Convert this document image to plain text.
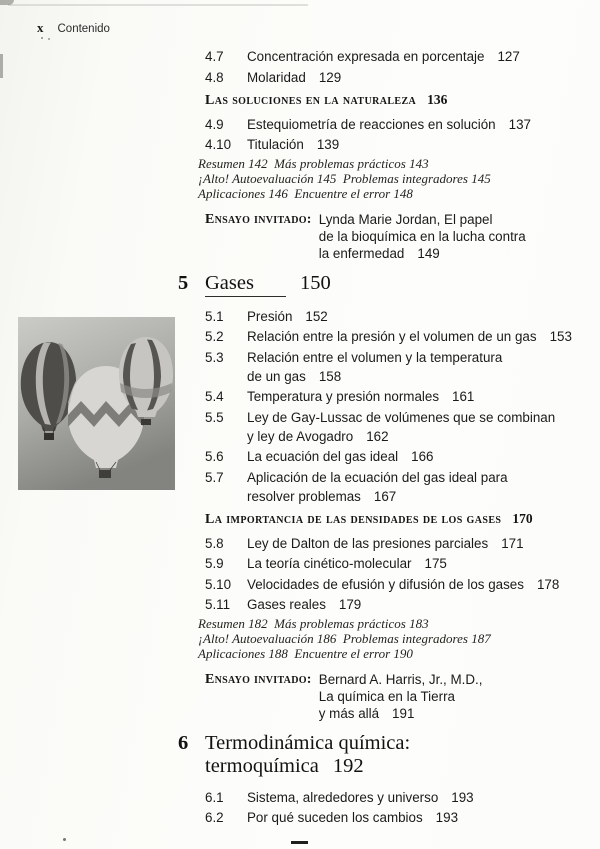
x Contenido
4.7	Concentración expresada en porcentaje 127
4.8	Molaridad 129
Las soluciones en la naturaleza 136
4.9	Estequiometría de reacciones en solución 137
4.10	Titulación 139
Resumen 142  Más problemas prácticos 143
¡Alto! Autoevaluación 145  Problemas integradores 145
Aplicaciones 146  Encuentre el error 148
Ensayo invitado: Lynda Marie Jordan, El papel
de la bioquímica en la lucha contra
la enfermedad 149
5 Gases 150
5.1	Presión 152
5.2	Relación entre la presión y el volumen de un gas 153
5.3	Relación entre el volumen y la temperatura
de un gas 158
5.4	Temperatura y presión normales 161
5.5	Ley de Gay-Lussac de volúmenes que se combinan
y ley de Avogadro 162
5.6	La ecuación del gas ideal 166
5.7	Aplicación de la ecuación del gas ideal para
resolver problemas 167
La importancia de las densidades de los gases 170
5.8	Ley de Dalton de las presiones parciales 171
5.9	La teoría cinético-molecular 175
5.10	Velocidades de efusión y difusión de los gases 178
5.11	Gases reales 179
Resumen 182  Más problemas prácticos 183
¡Alto! Autoevaluación 186  Problemas integradores 187
Aplicaciones 188  Encuentre el error 190
Ensayo invitado: Bernard A. Harris, Jr., M.D.,
La química en la Tierra
y más allá 191
6 Termodinámica química:
termoquímica 192
6.1	Sistema, alrededores y universo 193
6.2	Por qué suceden los cambios 193
